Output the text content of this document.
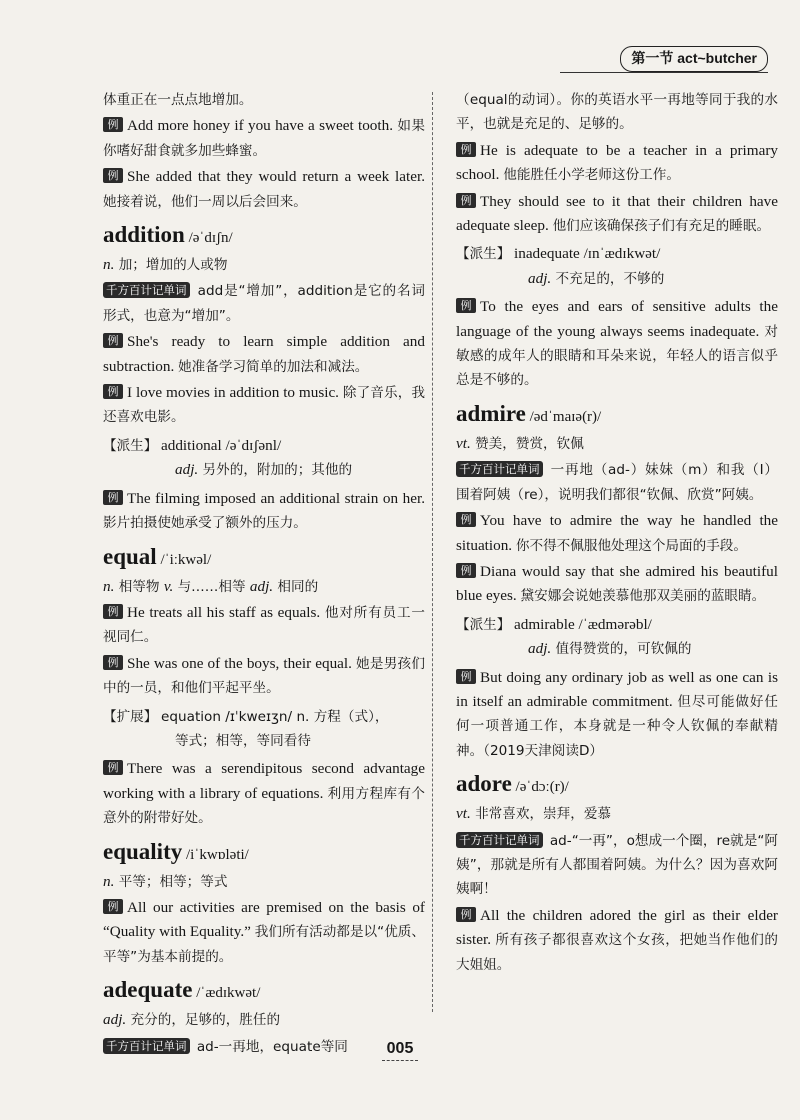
第一节 act~butcher

体重正在一点点地增加。

例 Add more honey if you have a sweet tooth. 如果你嗜好甜食就多加些蜂蜜。

例 She added that they would return a week later. 她接着说，他们一周以后会回来。

addition /əˈdɪʃn/

n. 加；增加的人或物

千方百计记单词 add是“增加”，addition是它的名词形式，也意为“增加”。

例 She's ready to learn simple addition and subtraction. 她准备学习简单的加法和减法。

例 I love movies in addition to music. 除了音乐，我还喜欢电影。

【派生】 additional /əˈdɪʃənl/
adj. 另外的，附加的；其他的

例 The filming imposed an additional strain on her. 影片拍摄使她承受了额外的压力。

equal /ˈiːkwəl/

n. 相等物 v. 与……相等 adj. 相同的

例 He treats all his staff as equals. 他对所有员工一视同仁。

例 She was one of the boys, their equal. 她是男孩们中的一员，和他们平起平坐。

【扩展】 equation /ɪˈkweɪʒn/ n. 方程（式），
等式；相等，等同看待

例 There was a serendipitous second advantage working with a library of equations. 利用方程库有个意外的附带好处。

equality /iˈkwɒləti/

n. 平等；相等；等式

例 All our activities are premised on the basis of “Quality with Equality.” 我们所有活动都是以“优质、平等”为基本前提的。

adequate /ˈædɪkwət/

adj. 充分的，足够的，胜任的

千方百计记单词 ad-一再地，equate等同

（equal的动词）。你的英语水平一再地等同于我的水平，也就是充足的、足够的。

例 He is adequate to be a teacher in a primary school. 他能胜任小学老师这份工作。

例 They should see to it that their children have adequate sleep. 他们应该确保孩子们有充足的睡眠。

【派生】 inadequate /ɪnˈædɪkwət/
adj. 不充足的，不够的

例 To the eyes and ears of sensitive adults the language of the young always seems inadequate. 对敏感的成年人的眼睛和耳朵来说，年轻人的语言似乎总是不够的。

admire /ədˈmaɪə(r)/

vt. 赞美，赞赏，钦佩

千方百计记单词 一再地（ad-）妹妹（m）和我（I）围着阿姨（re），说明我们都很“钦佩、欣赏”阿姨。

例 You have to admire the way he handled the situation. 你不得不佩服他处理这个局面的手段。

例 Diana would say that she admired his beautiful blue eyes. 黛安娜会说她羡慕他那双美丽的蓝眼睛。

【派生】 admirable /ˈædmərəbl/
adj. 值得赞赏的，可钦佩的

例 But doing any ordinary job as well as one can is in itself an admirable commitment. 但尽可能做好任何一项普通工作，本身就是一种令人钦佩的奉献精神。（2019天津阅读D）

adore /əˈdɔː(r)/

vt. 非常喜欢，崇拜，爱慕

千方百计记单词 ad-“一再”，o想成一个圈，re就是“阿姨”，那就是所有人都围着阿姨。为什么？因为喜欢阿姨啊！

例 All the children adored the girl as their elder sister. 所有孩子都很喜欢这个女孩，把她当作他们的大姐姐。

005
